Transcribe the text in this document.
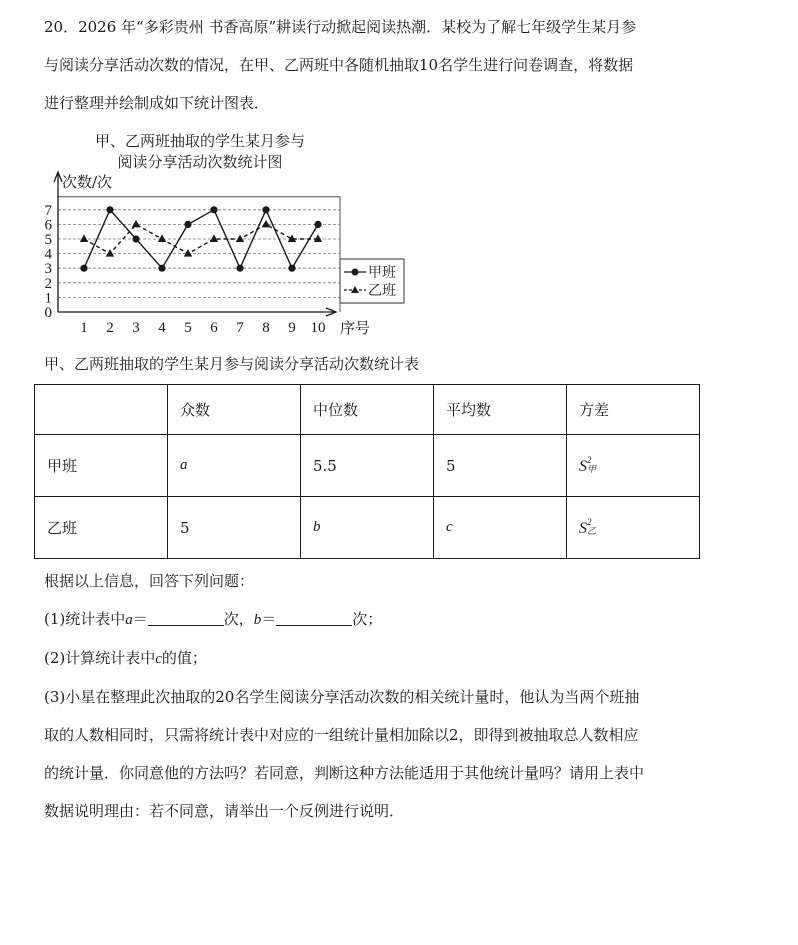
20．2026 年“多彩贵州 书香高原”耕读行动掀起阅读热潮．某校为了解七年级学生某月参
与阅读分享活动次数的情况，在甲、乙两班中各随机抽取10名学生进行问卷调查，将数据
进行整理并绘制成如下统计图表．

甲、乙两班抽取的学生某月参与
阅读分享活动次数统计图
0
1
2
3
4
5
6
7
1 2 3 4 5 6 7 8 9 10
次数/次
序号
甲班
乙班
甲、乙两班抽取的学生某月参与阅读分享活动次数统计表
	众数	中位数	平均数	方差
甲班	a	5.5	5	S 2
甲

乙班	5	b	c	S 2
乙

根据以上信息，回答下列问题：
(1)统计表中a＝	次，b＝	次；
(2)计算统计表中c的值；
(3)小星在整理此次抽取的20名学生阅读分享活动次数的相关统计量时，他认为当两个班抽
取的人数相同时，只需将统计表中对应的一组统计量相加除以2，即得到被抽取总人数相应
的统计量．你同意他的方法吗？若同意，判断这种方法能适用于其他统计量吗？请用上表中
数据说明理由：若不同意，请举出一个反例进行说明．
